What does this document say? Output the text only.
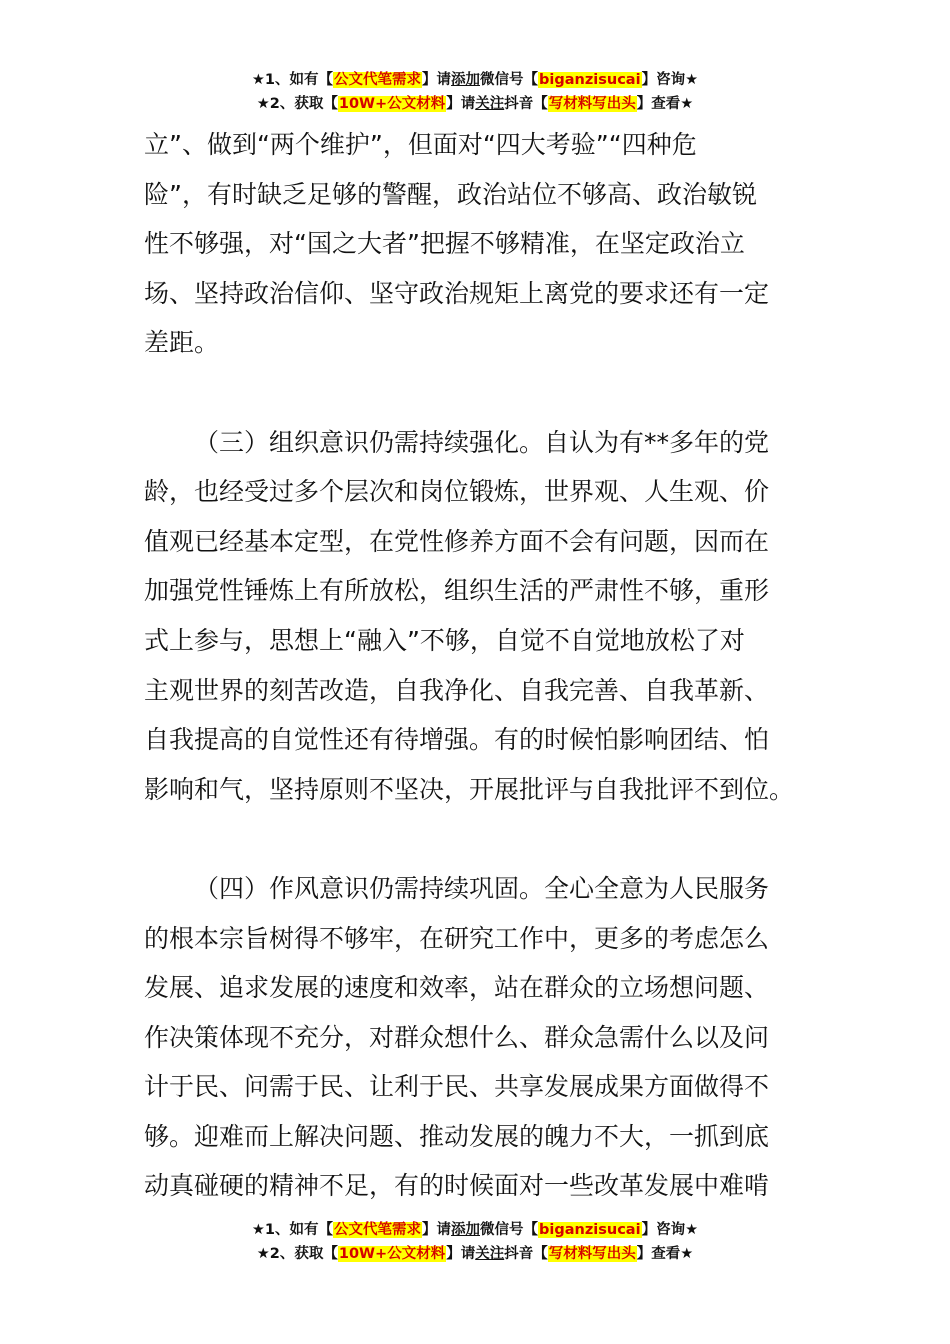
★1、如有【公文代笔需求】请添加微信号【biganzisucai】咨询★
★2、获取【10W+公文材料】请关注抖音【写材料写出头】查看★

立”、做到“两个维护”，但面对“四大考验”“四种危

险”，有时缺乏足够的警醒，政治站位不够高、政治敏锐

性不够强，对“国之大者”把握不够精准，在坚定政治立

场、坚持政治信仰、坚守政治规矩上离党的要求还有一定

差距。

（三）组织意识仍需持续强化。自认为有**多年的党

龄，也经受过多个层次和岗位锻炼，世界观、人生观、价

值观已经基本定型，在党性修养方面不会有问题，因而在

加强党性锤炼上有所放松，组织生活的严肃性不够，重形

式上参与，思想上“融入”不够，自觉不自觉地放松了对

主观世界的刻苦改造，自我净化、自我完善、自我革新、

自我提高的自觉性还有待增强。有的时候怕影响团结、怕

影响和气，坚持原则不坚决，开展批评与自我批评不到位。

（四）作风意识仍需持续巩固。全心全意为人民服务

的根本宗旨树得不够牢，在研究工作中，更多的考虑怎么

发展、追求发展的速度和效率，站在群众的立场想问题、

作决策体现不充分，对群众想什么、群众急需什么以及问

计于民、问需于民、让利于民、共享发展成果方面做得不

够。迎难而上解决问题、推动发展的魄力不大，一抓到底

动真碰硬的精神不足，有的时候面对一些改革发展中难啃

★1、如有【公文代笔需求】请添加微信号【biganzisucai】咨询★
★2、获取【10W+公文材料】请关注抖音【写材料写出头】查看★
